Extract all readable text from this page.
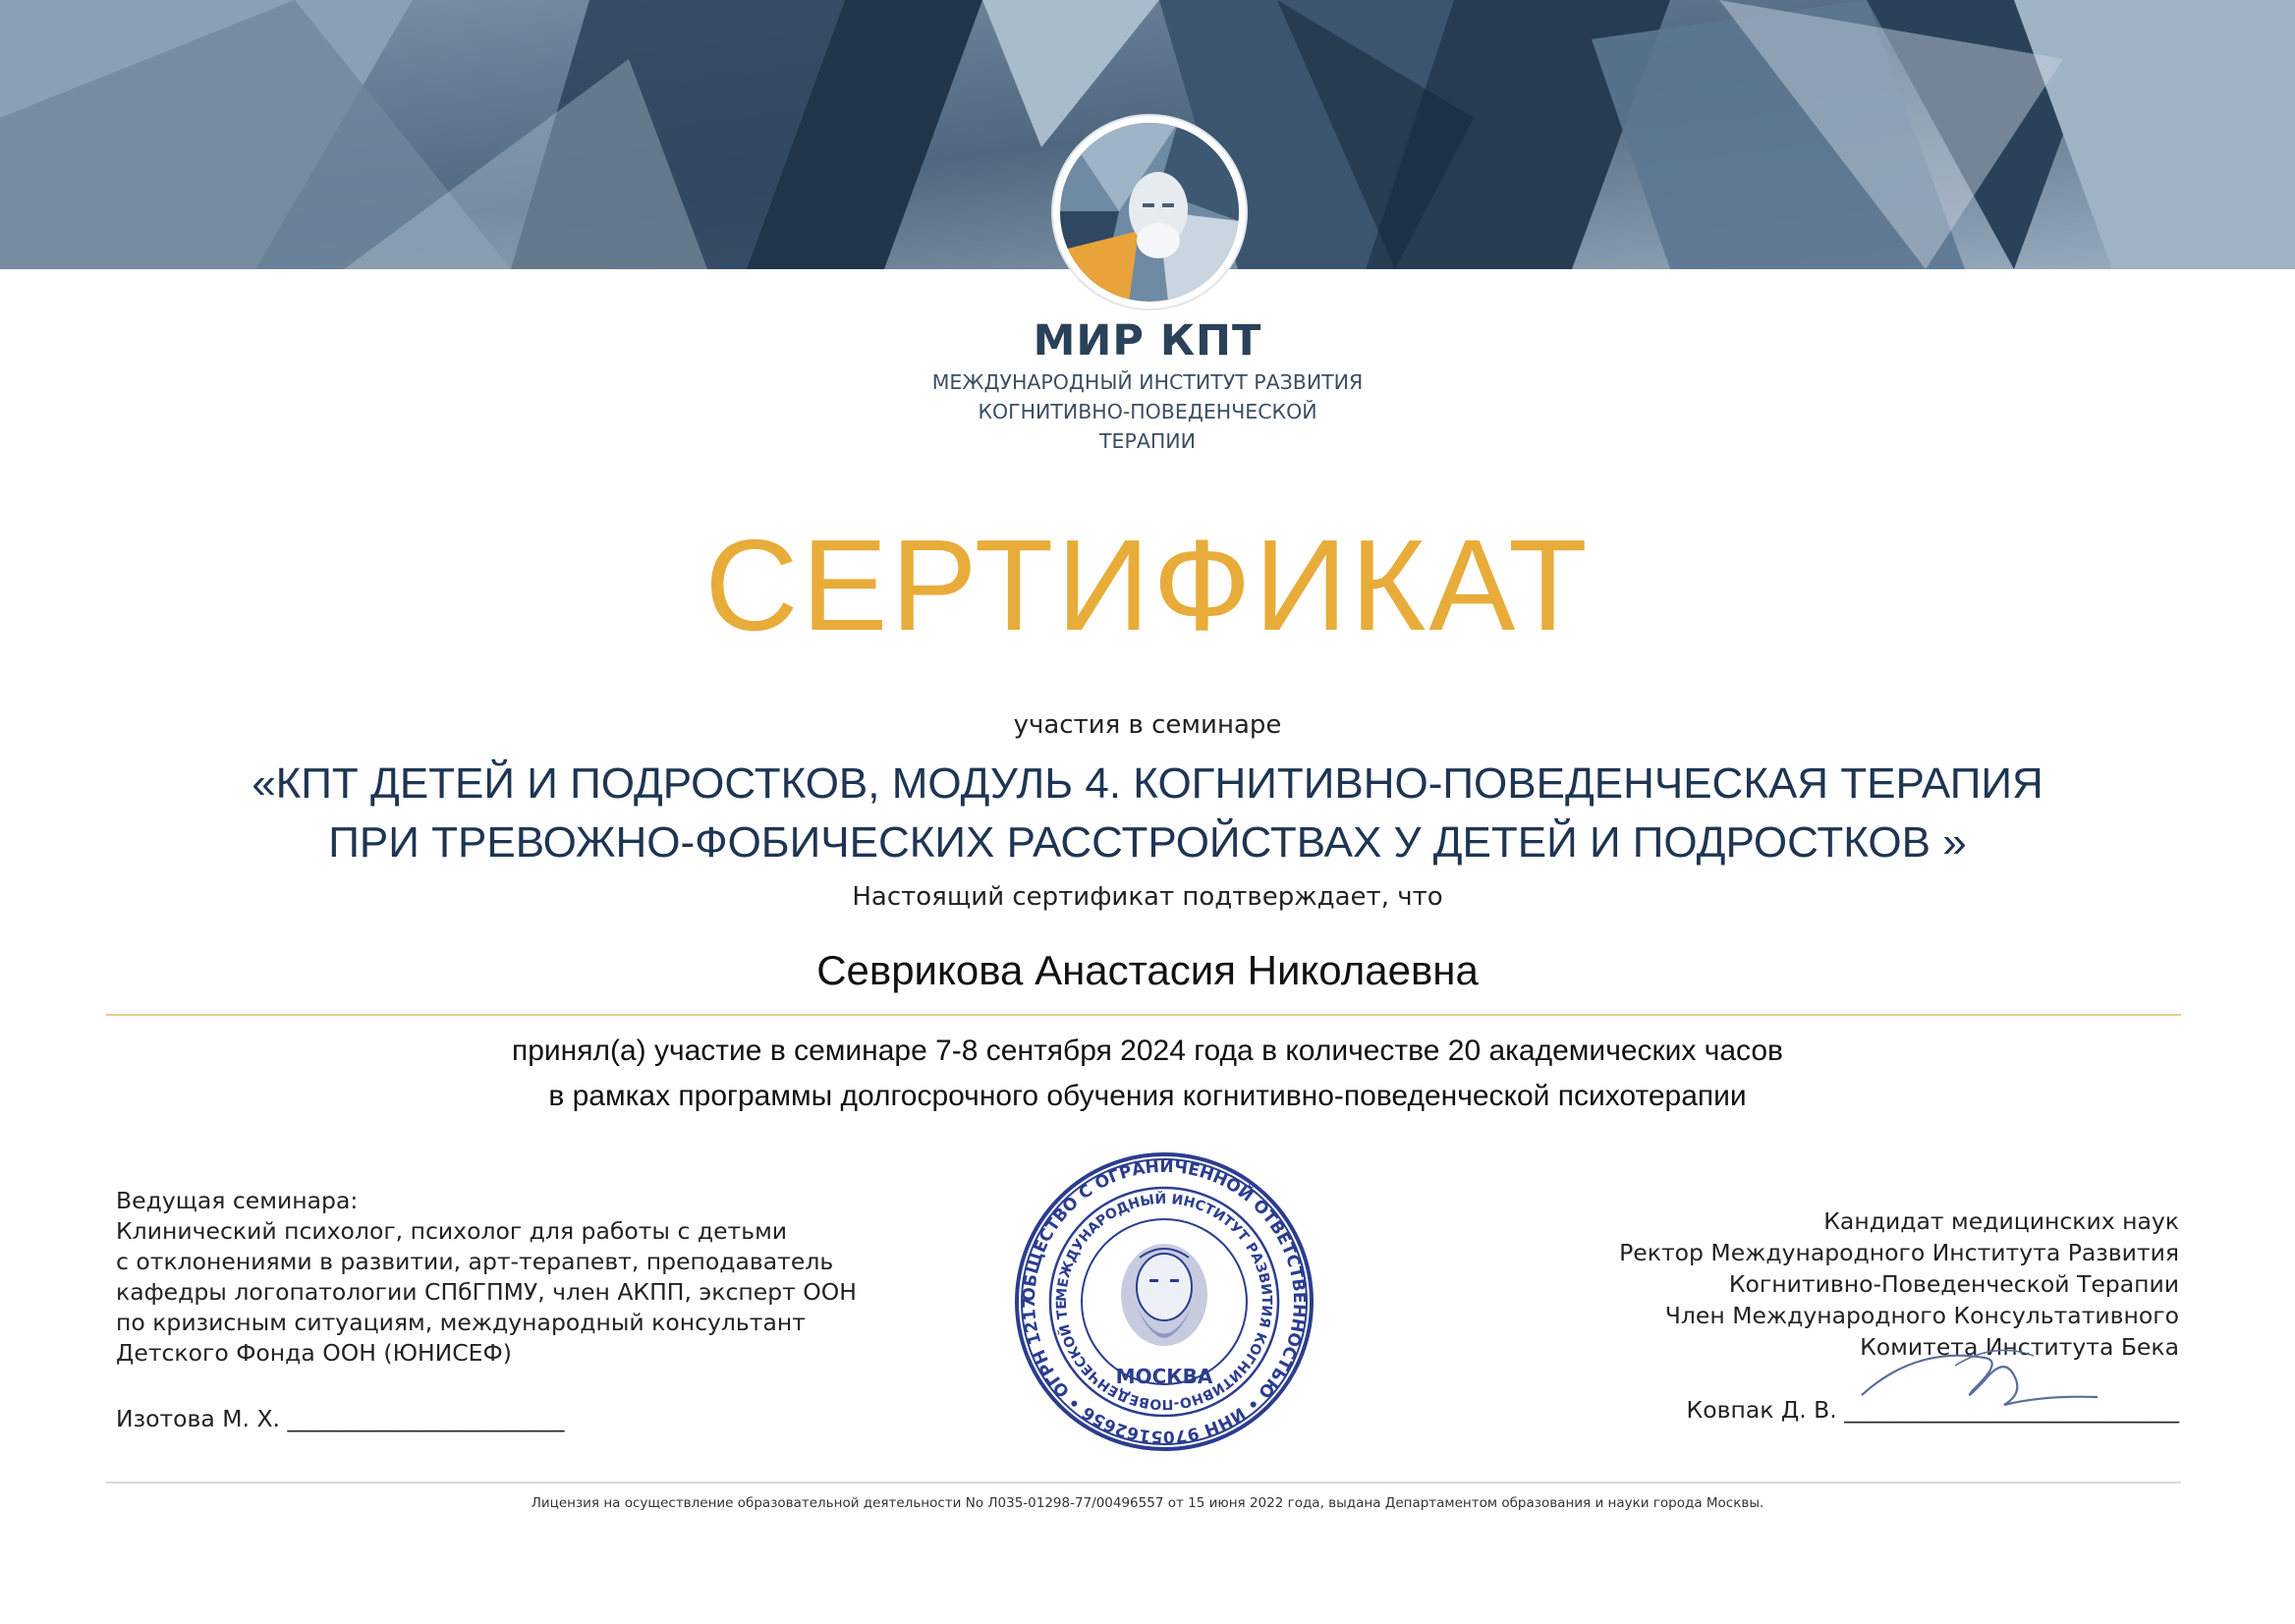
МИР КПТ
МЕЖДУНАРОДНЫЙ ИНСТИТУТ РАЗВИТИЯ
КОГНИТИВНО-ПОВЕДЕНЧЕСКОЙ
ТЕРАПИИ
СЕРТИФИКАТ
участия в семинаре
«КПТ ДЕТЕЙ И ПОДРОСТКОВ, МОДУЛЬ 4. КОГНИТИВНО-ПОВЕДЕНЧЕСКАЯ ТЕРАПИЯ
ПРИ ТРЕВОЖНО-ФОБИЧЕСКИХ РАССТРОЙСТВАХ У ДЕТЕЙ И ПОДРОСТКОВ »
Настоящий сертификат подтверждает, что
Севрикова Анастасия Николаевна
принял(а) участие в семинаре 7-8 сентября 2024 года в количестве 20 академических часов
в рамках программы долгосрочного обучения когнитивно-поведенческой психотерапии
Ведущая семинара:
Клинический психолог, психолог для работы с детьми
с отклонениями в развитии, арт-терапевт, преподаватель
кафедры логопатологии СПбГПМУ, член АКПП, эксперт ООН
по кризисным ситуациям, международный консультант
Детского Фонда ООН (ЮНИСЕФ)
Изотова М. Х. ________________________
ОБЩЕСТВО С ОГРАНИЧЕННОЙ ОТВЕТСТВЕННОСТЬЮ • ИНН 9705162656 • ОГРН 1217
МЕЖДУНАРОДНЫЙ ИНСТИТУТ РАЗВИТИЯ КОГНИТИВНО-ПОВЕДЕНЧЕСКОЙ ТЕ
МОСКВА
Кандидат медицинских наук
Ректор Международного Института Развития
Когнитивно-Поведенческой Терапии
Член Международного Консультативного
Комитета Института Бека
Ковпак Д. В. _____________________________
Лицензия на осуществление образовательной деятельности No Л035-01298-77/00496557 от 15 июня 2022 года, выдана Департаментом образования и науки города Москвы.
